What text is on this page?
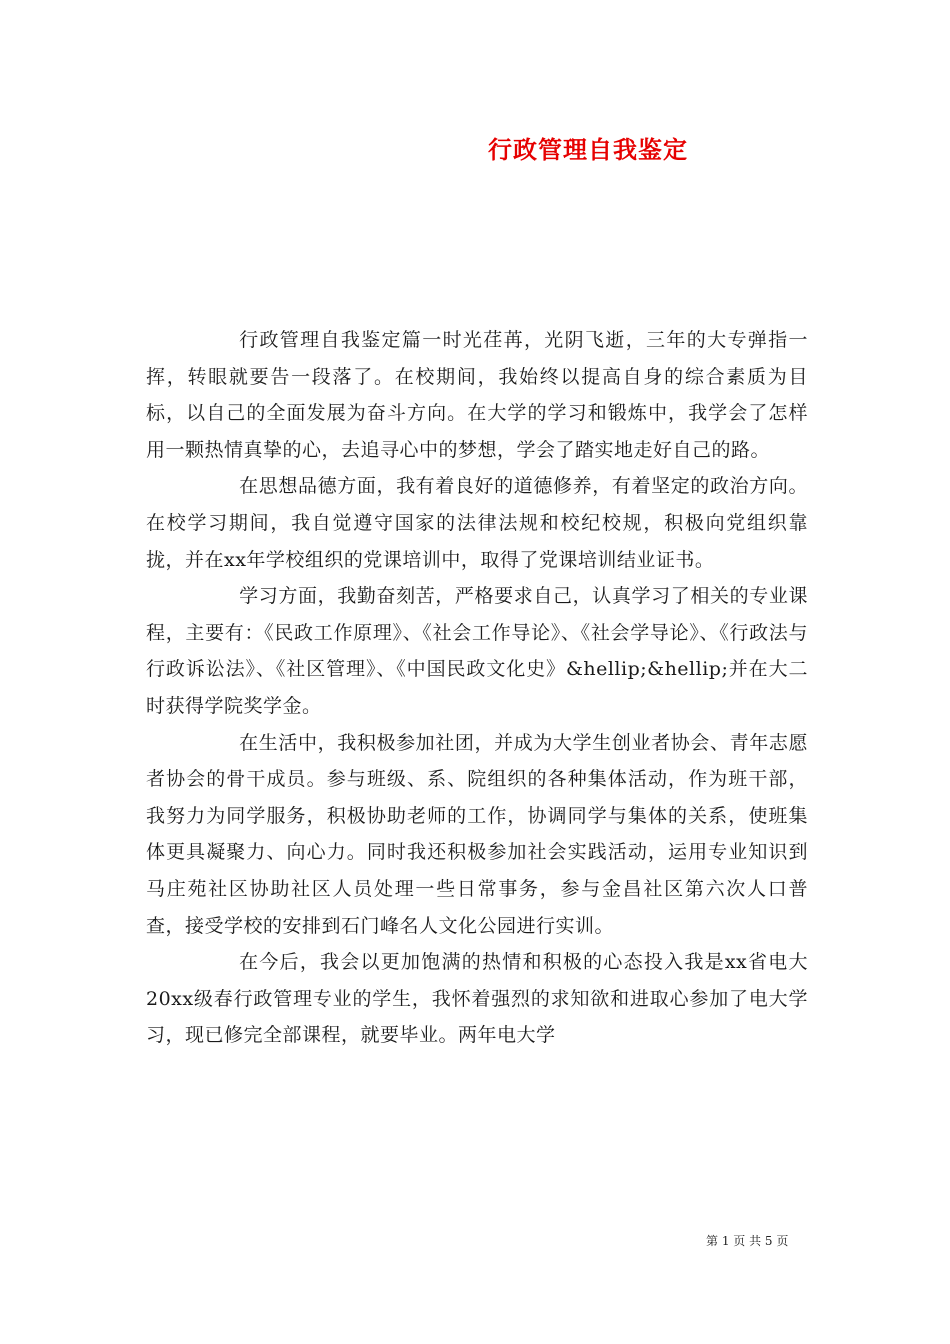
行政管理自我鉴定

行政管理自我鉴定篇一时光荏苒，光阴飞逝，三年的大专弹指一挥，转眼就要告一段落了。在校期间，我始终以提高自身的综合素质为目标，以自己的全面发展为奋斗方向。在大学的学习和锻炼中，我学会了怎样用一颗热情真挚的心，去追寻心中的梦想，学会了踏实地走好自己的路。

在思想品德方面，我有着良好的道德修养，有着坚定的政治方向。在校学习期间，我自觉遵守国家的法律法规和校纪校规，积极向党组织靠拢，并在xx年学校组织的党课培训中，取得了党课培训结业证书。

学习方面，我勤奋刻苦，严格要求自己，认真学习了相关的专业课程，主要有：《民政工作原理》、《社会工作导论》、《社会学导论》、《行政法与行政诉讼法》、《社区管理》、《中国民政文化史》&hellip;&hellip;并在大二时获得学院奖学金。

在生活中，我积极参加社团，并成为大学生创业者协会、青年志愿者协会的骨干成员。参与班级、系、院组织的各种集体活动，作为班干部，我努力为同学服务，积极协助老师的工作，协调同学与集体的关系，使班集体更具凝聚力、向心力。同时我还积极参加社会实践活动，运用专业知识到马庄苑社区协助社区人员处理一些日常事务，参与金昌社区第六次人口普查，接受学校的安排到石门峰名人文化公园进行实训。

在今后，我会以更加饱满的热情和积极的心态投入我是xx省电大20xx级春行政管理专业的学生，我怀着强烈的求知欲和进取心参加了电大学习，现已修完全部课程，就要毕业。两年电大学

第 1 页 共 5 页
